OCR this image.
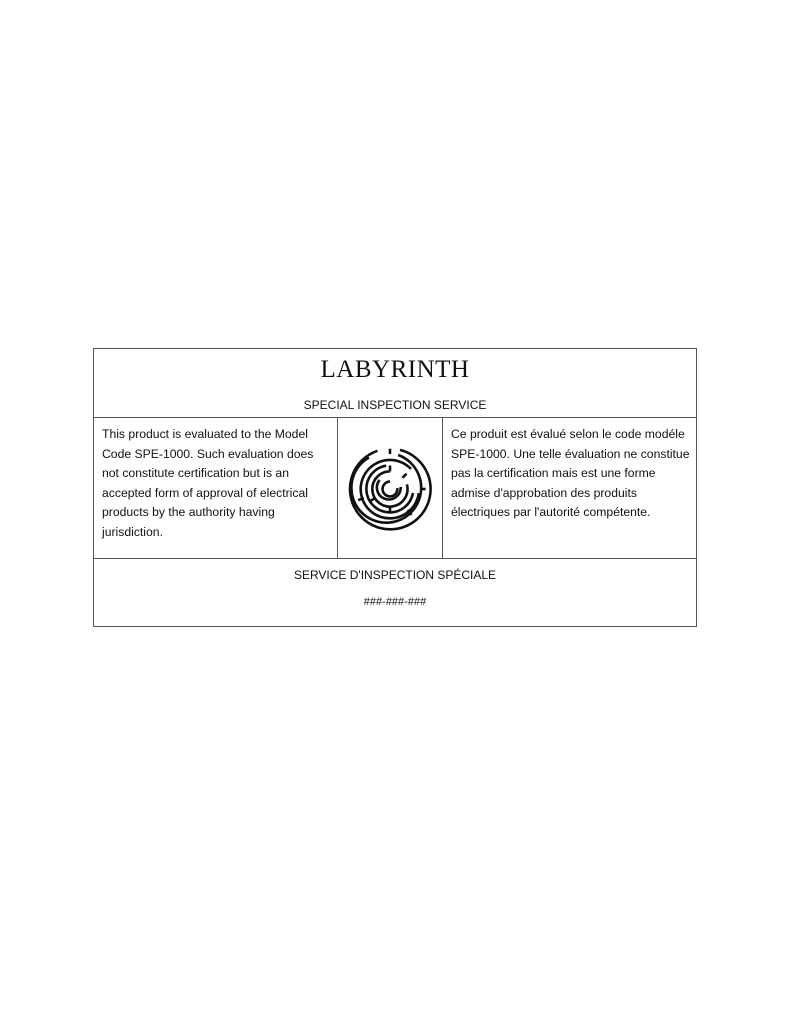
LABYRINTH
SPECIAL INSPECTION SERVICE
This product is evaluated to the Model Code SPE-1000. Such evaluation does not constitute certification but is an accepted form of approval of electrical products by the authority having jurisdiction.
Ce produit est évalué selon le code modéle SPE-1000. Une telle évaluation ne constitue pas la certification mais est une forme admise d'approbation des produits électriques par l'autorité compétente.
SERVICE D'INSPECTION SPÉCIALE
###-###-###
